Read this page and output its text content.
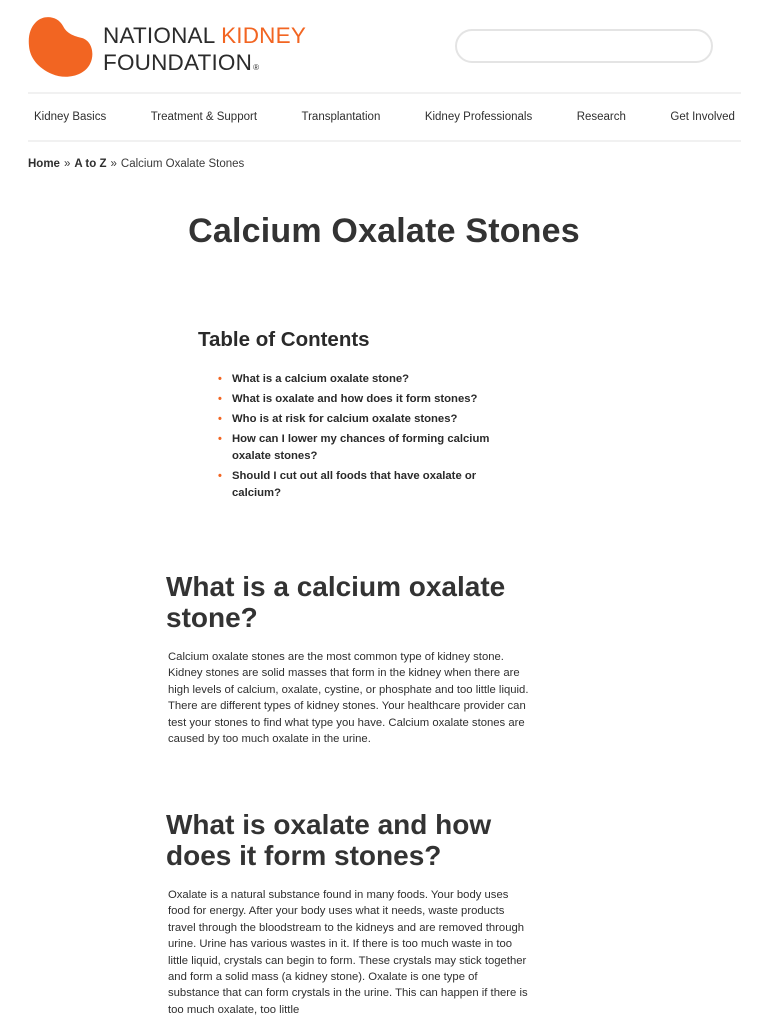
NATIONAL KIDNEY
FOUNDATION®
Kidney Basics	Treatment & Support	Transplantation	Kidney Professionals	Research	Get Involved
Home » A to Z » Calcium Oxalate Stones
Calcium Oxalate Stones
Table of Contents
• What is a calcium oxalate stone?
• What is oxalate and how does it form stones?
• Who is at risk for calcium oxalate stones?
• How can I lower my chances of forming calcium oxalate stones?
• Should I cut out all foods that have oxalate or calcium?
What is a calcium oxalate stone?

Calcium oxalate stones are the most common type of kidney stone. Kidney stones are solid masses that form in the kidney when there are high levels of calcium, oxalate, cystine, or phosphate and too little liquid. There are different types of kidney stones. Your healthcare provider can test your stones to find what type you have. Calcium oxalate stones are caused by too much oxalate in the urine.

What is oxalate and how does it form stones?

Oxalate is a natural substance found in many foods. Your body uses food for energy. After your body uses what it needs, waste products travel through the bloodstream to the kidneys and are removed through urine. Urine has various wastes in it. If there is too much waste in too little liquid, crystals can begin to form. These crystals may stick together and form a solid mass (a kidney stone). Oxalate is one type of substance that can form crystals in the urine. This can happen if there is too much oxalate, too little
